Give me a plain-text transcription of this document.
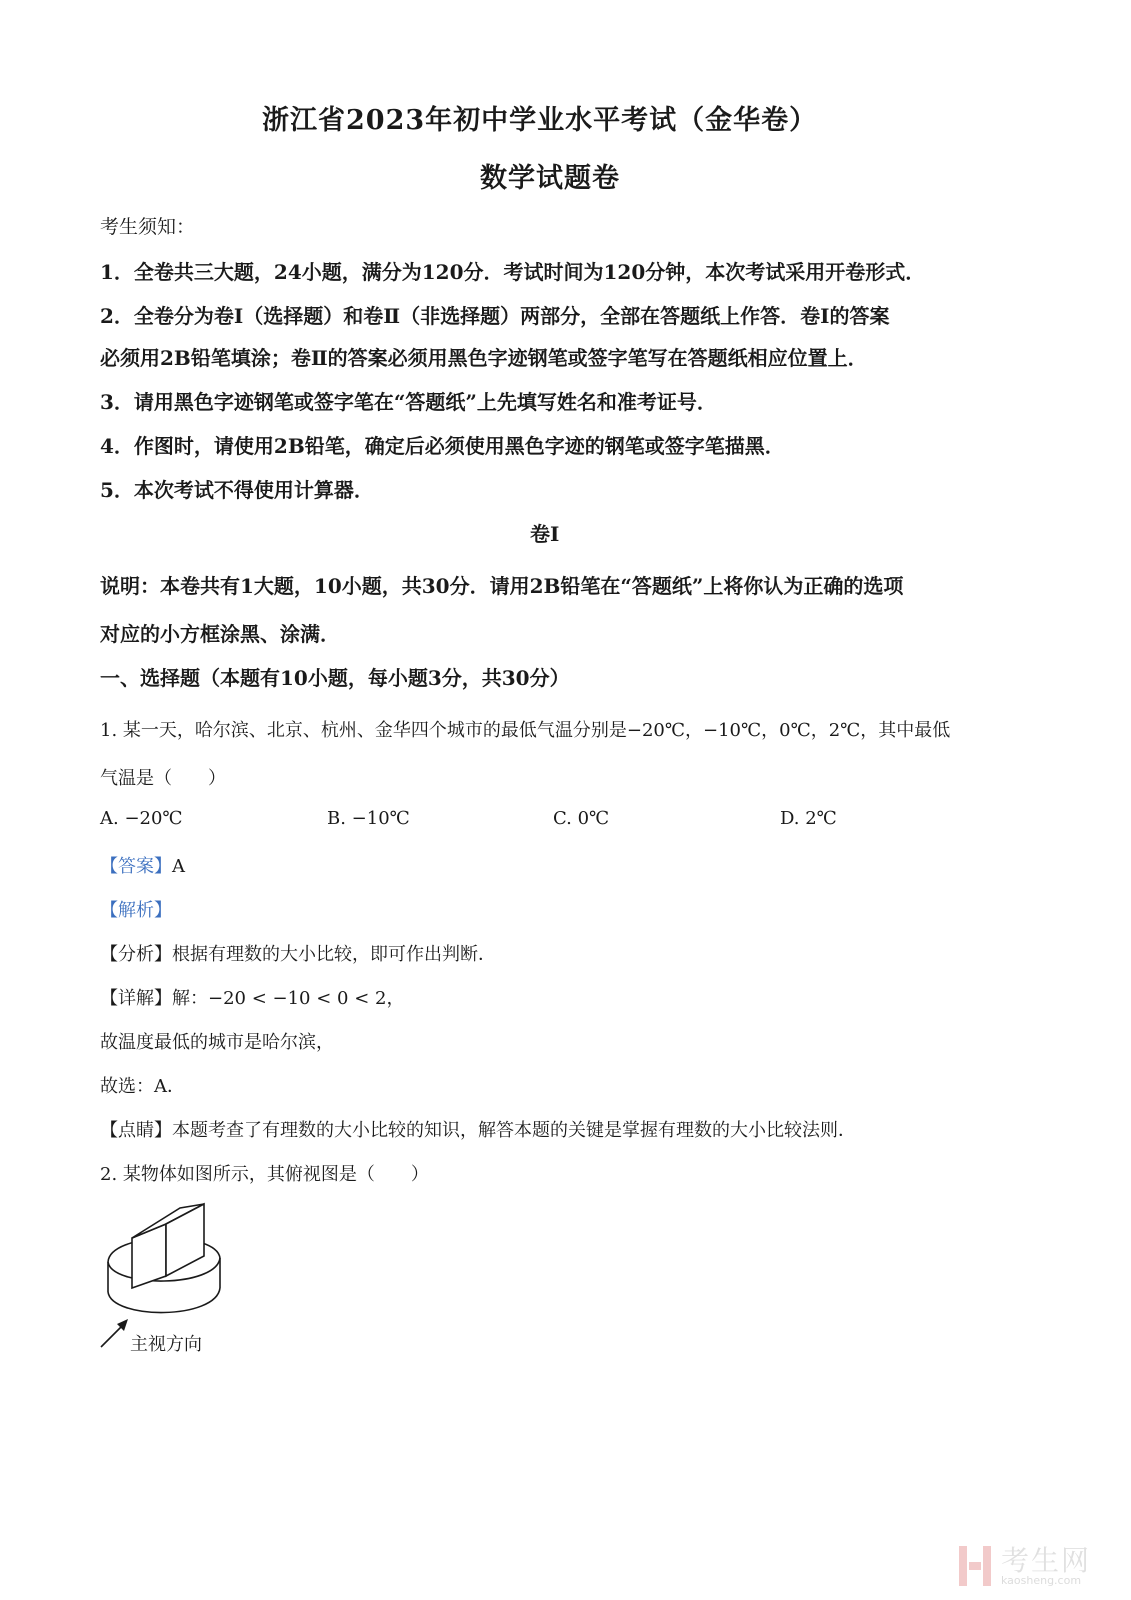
浙江省2023年初中学业水平考试（金华卷）
数学试题卷
考生须知：
1．全卷共三大题，24小题，满分为120分．考试时间为120分钟，本次考试采用开卷形式．
2．全卷分为卷Ⅰ（选择题）和卷Ⅱ（非选择题）两部分，全部在答题纸上作答．卷Ⅰ的答案
必须用2B铅笔填涂；卷Ⅱ的答案必须用黑色字迹钢笔或签字笔写在答题纸相应位置上．
3．请用黑色字迹钢笔或签字笔在“答题纸”上先填写姓名和准考证号．
4．作图时，请使用2B铅笔，确定后必须使用黑色字迹的钢笔或签字笔描黑．
5．本次考试不得使用计算器．
卷Ⅰ
说明：本卷共有1大题，10小题，共30分．请用2B铅笔在“答题纸”上将你认为正确的选项
对应的小方框涂黑、涂满．
一、选择题（本题有10小题，每小题3分，共30分）
1. 某一天，哈尔滨、北京、杭州、金华四个城市的最低气温分别是−20℃，−10℃，0℃，2℃，其中最低
气温是（　　）
A. −20℃	B. −10℃	C. 0℃	D. 2℃
【答案】A
【解析】
【分析】根据有理数的大小比较，即可作出判断．
【详解】解：−20 < −10 < 0 < 2，
故温度最低的城市是哈尔滨，
故选：A．
【点睛】本题考查了有理数的大小比较的知识，解答本题的关键是掌握有理数的大小比较法则．
2. 某物体如图所示，其俯视图是（　　）
主视方向
考生网
kaosheng.com
